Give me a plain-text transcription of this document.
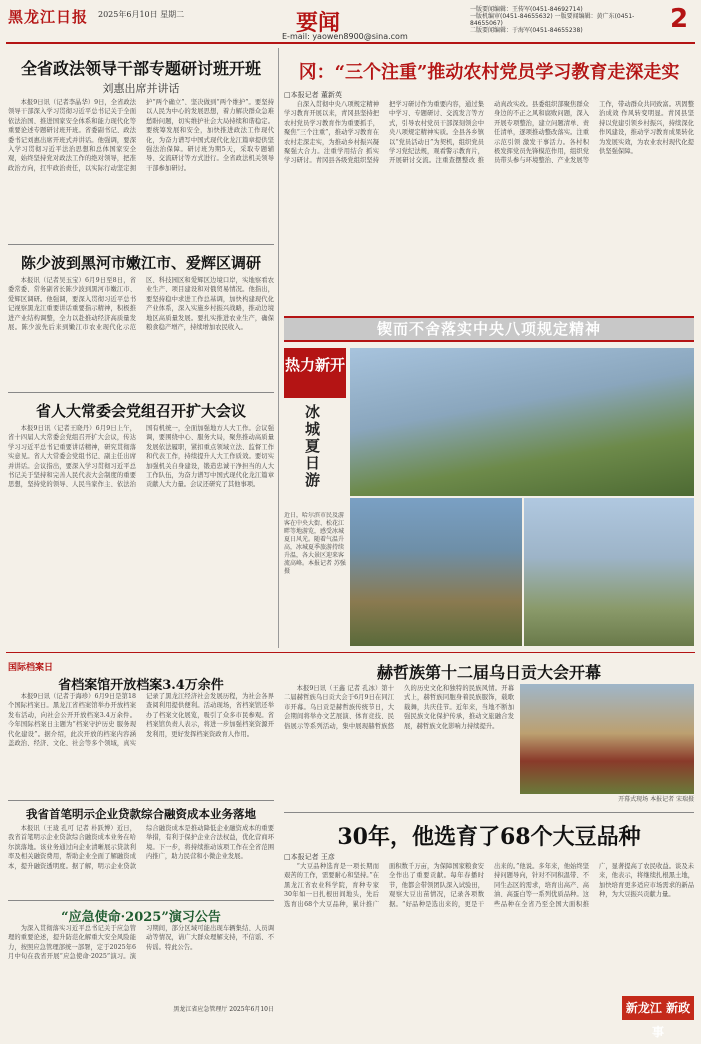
黑龙江日报 2025年6月10日 星期二	要闻
E-mail: yaowen8900@sina.com
一版要闻编辑：王传军(0451-84692714)
一版机编审(0451-84655632) 一版要闻编辑：黄广东(0451-84655067)
二版要闻编辑：于海军(0451-84655238)	2
全省政法领导干部专题研讨班开班
刘惠出席并讲话
本报9日讯（记者李晶华）9日，全省政法领导干部深入学习贯彻习近平总书记关于全面依法治国、推进国家安全体系和能力现代化等重要论述专题研讨班开班。省委副书记、政法委书记刘惠出席开班式并讲话。他强调，要深入学习贯彻习近平法治思想和总体国家安全观，始终坚持党对政法工作的绝对领导，把准政治方向，扛牢政治责任，以实际行动坚定拥护“两个确立”、坚决做到“两个维护”。要坚持以人民为中心的发展思想，着力解决群众急难愁盼问题，切实维护社会大局持续和谐稳定。要统筹发展和安全，加快推进政法工作现代化，为奋力谱写中国式现代化龙江篇章提供坚强法治保障。研讨班为期5天，采取专题辅导、交流研讨等方式进行。全省政法机关领导干部参加研讨。
陈少波到黑河市嫩江市、爱辉区调研
本报讯（记者吴玉宝）6月9日至8日，省委常委、常务副省长陈少波到黑河市嫩江市、爱辉区调研。他强调，要深入贯彻习近平总书记视察黑龙江重要讲话重要指示精神，积极推进产业结构调整，全力以赴推动经济高质量发展。陈少波先后来到嫩江市农业现代化示范区、科技园区和爱辉区边境口岸，实地察看农业生产、项目建设和对俄贸易情况。他指出，要坚持稳中求进工作总基调，加快构建现代化产业体系，深入实施乡村振兴战略，推动边境地区高质量发展。要扎实推进农业生产，确保粮食稳产增产，持续增加农民收入。
省人大常委会党组召开扩大会议
本报9日讯（记者王晓丹）6月9日上午，省十四届人大常委会党组召开扩大会议，传达学习习近平总书记重要讲话精神，研究贯彻落实意见。省人大常委会党组书记、副主任出席并讲话。会议指出，要深入学习贯彻习近平总书记关于坚持和完善人民代表大会制度的重要思想，坚持党的领导、人民当家作主、依法治国有机统一，全面加强地方人大工作。会议强调，要围绕中心、服务大局，聚焦推动高质量发展依法履职，紧扣重点领域立法、监督工作和代表工作，持续提升人大工作质效。要切实加强机关自身建设，锻造忠诚干净担当的人大工作队伍，为奋力谱写中国式现代化龙江篇章贡献人大力量。会议还研究了其他事项。
冈：“三个注重”推动农村党员学习教育走深走实
□本报记者 董新英
自深入贯彻中央八项规定精神学习教育开展以来，青冈县坚持把农村党员学习教育作为重要抓手，聚焦“三个注重”，推动学习教育在农村走深走实，为推动乡村振兴凝聚强大合力。注重学用结合 抓实学习研讨。青冈县各级党组织坚持把学习研讨作为重要内容，通过集中学习、专题研讨、交流发言等方式，引导农村党员干部深刻领会中央八项规定精神实质。全县各乡镇以“党员活动日”为契机，组织党员学习党纪法规，观看警示教育片，开展研讨交流。注重查摆整改 推动真改实改。县委组织部聚焦群众身边的不正之风和腐败问题，深入开展专项整治，建立问题清单、责任清单，逐项推动整改落实。注重示范引领 激发干事活力。各村积极发挥党员先锋模范作用，组织党员带头参与环境整治、产业发展等工作，带动群众共同致富。巩固整治成效 作风转变明显。青冈县坚持以党建引领乡村振兴，持续深化作风建设，推动学习教育成果转化为发展实效，为农业农村现代化提供坚强保障。
锲而不舍落实中央八项规定精神
热力新开
冰城夏日游
近日，哈尔滨市民及游客在中央大街、松花江畔等地游览，感受冰城夏日风光。随着气温升高，冰城夏季旅游持续升温，各大景区迎来客流高峰。本报记者 苏强摄
国际档案日
省档案馆开放档案3.4万余件
本报9日讯（记者于海珍）6月9日是第18个国际档案日。黑龙江省档案馆举办开放档案发布活动，向社会公开开放档案3.4万余件。今年国际档案日主题为“档案守护历史 服务现代化建设”。据介绍，此次开放的档案内容涵盖政治、经济、文化、社会等多个领域，真实记录了黑龙江经济社会发展历程，为社会各界查阅利用提供便利。活动现场，省档案馆还举办了档案文化展览，吸引了众多市民参观。省档案馆负责人表示，将进一步加强档案资源开发利用，更好发挥档案资政育人作用。
我省首笔明示企业贷款综合融资成本业务落地
本报讯（王珑 孔可 记者 朴跃博）近日，我省首笔明示企业贷款综合融资成本业务在哈尔滨落地。该业务通过向企业清晰展示贷款利率及相关融资费用，帮助企业全面了解融资成本，提升融资透明度。据了解，明示企业贷款综合融资成本是推动降低企业融资成本的重要举措，有利于保护企业合法权益，优化营商环境。下一步，将持续推动该项工作在全省范围内推广，助力民营和小微企业发展。
“应急使命·2025”演习公告
为深入贯彻落实习近平总书记关于应急管理的重要论述，提升防范化解重大安全风险能力，按照应急管理部统一部署，定于2025年6月中旬在我省开展“应急使命·2025”演习。演习期间，部分区域可能出现车辆集结、人员调动等情况，请广大群众理解支持，不信谣、不传谣。特此公告。
黑龙江省应急管理厅 2025年6月10日
赫哲族第十二届乌日贡大会开幕
本报9日讯（王鑫 记者 孔冰）第十二届赫哲族乌日贡大会于6月9日在同江市开幕。乌日贡是赫哲族传统节日，大会期间将举办文艺展演、体育竞技、民俗展示等系列活动，集中展现赫哲族悠久的历史文化和独特的民族风情。开幕式上，赫哲族同胞身着民族服饰，载歌载舞，共庆佳节。近年来，当地不断加强民族文化保护传承，推动文旅融合发展，赫哲族文化影响力持续提升。
开幕式现场 本报记者 宋瑞摄
30年，他选育了68个大豆品种
□本报记者 王彦
“大豆品种选育是一项长期而艰苦的工作，需要耐心和坚持。”在黑龙江省农业科学院，育种专家30年如一日扎根田间地头，先后选育出68个大豆品种，累计推广面积数千万亩，为保障国家粮食安全作出了重要贡献。每年春播时节，他都会带领团队深入试验田，观察大豆出苗情况，记录各项数据。“好品种是选出来的，更是干出来的。”他说。多年来，他始终坚持问题导向，针对不同积温带、不同生态区的需求，培育出高产、高油、高蛋白等一系列优质品种。这些品种在全省乃至全国大面积推广，显著提高了农民收益。谈及未来，他表示，将继续扎根黑土地，加快培育更多适应市场需求的新品种，为大豆振兴贡献力量。
新龙江 新政事
